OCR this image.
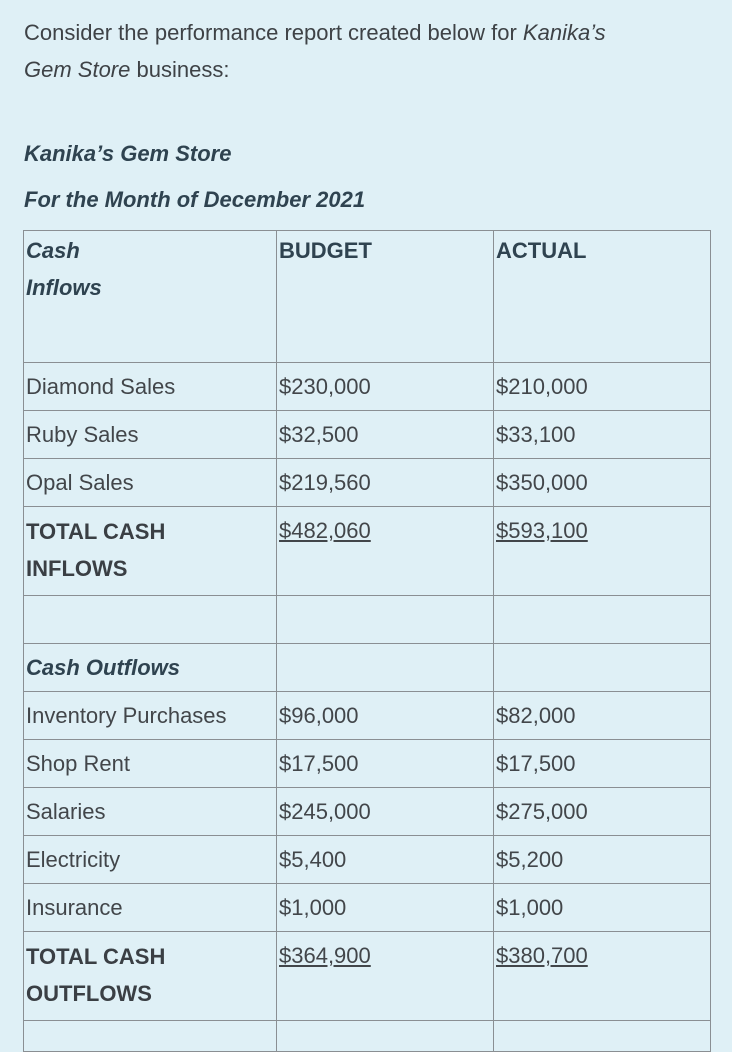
Consider the performance report created below for Kanika’s
Gem Store business:
Kanika’s Gem Store
For the Month of December 2021
Cash
Inflows	BUDGET	ACTUAL
Diamond Sales	$230,000	$210,000
Ruby Sales	$32,500	$33,100
Opal Sales	$219,560	$350,000
TOTAL CASH
INFLOWS	$482,060	$593,100

Cash Outflows		
Inventory Purchases	$96,000	$82,000
Shop Rent	$17,500	$17,500
Salaries	$245,000	$275,000
Electricity	$5,400	$5,200
Insurance	$1,000	$1,000
TOTAL CASH
OUTFLOWS	$364,900	$380,700
